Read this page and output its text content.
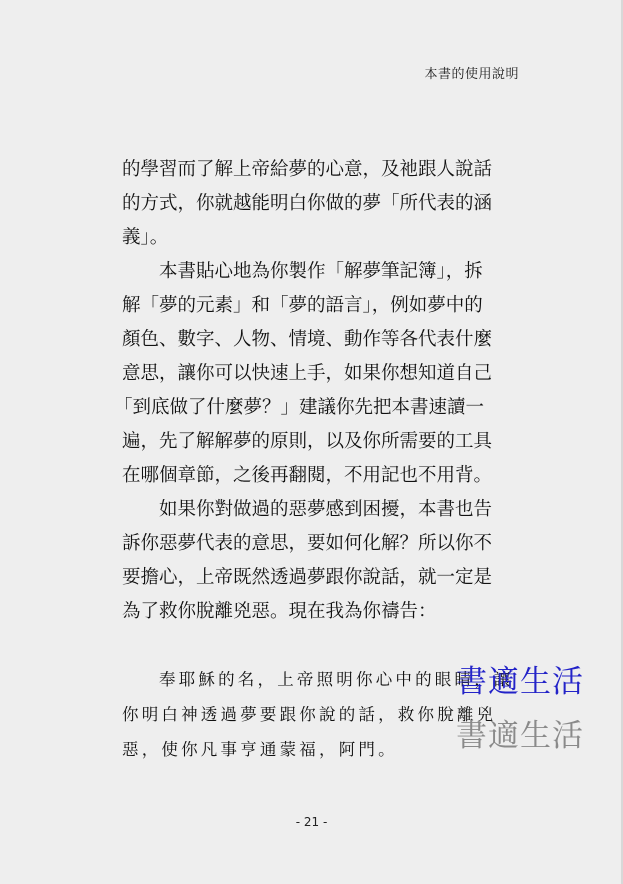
本書的使用說明
的學習而了解上帝給夢的心意，及祂跟人說話
的方式，你就越能明白你做的夢「所代表的涵
義」。
本書貼心地為你製作「解夢筆記簿」，拆
解「夢的元素」和「夢的語言」，例如夢中的
顏色、數字、人物、情境、動作等各代表什麼
意思，讓你可以快速上手，如果你想知道自己
「到底做了什麼夢？」建議你先把本書速讀一
遍，先了解解夢的原則，以及你所需要的工具
在哪個章節，之後再翻閱，不用記也不用背。
如果你對做過的惡夢感到困擾，本書也告
訴你惡夢代表的意思，要如何化解？所以你不
要擔心，上帝既然透過夢跟你說話，就一定是
為了救你脫離兇惡。現在我為你禱告：
奉耶穌的名，上帝照明你心中的眼睛，讓
你明白神透過夢要跟你說的話，救你脫離兇
惡，使你凡事亨通蒙福，阿門。
書適生活
書適生活
- 21 -
